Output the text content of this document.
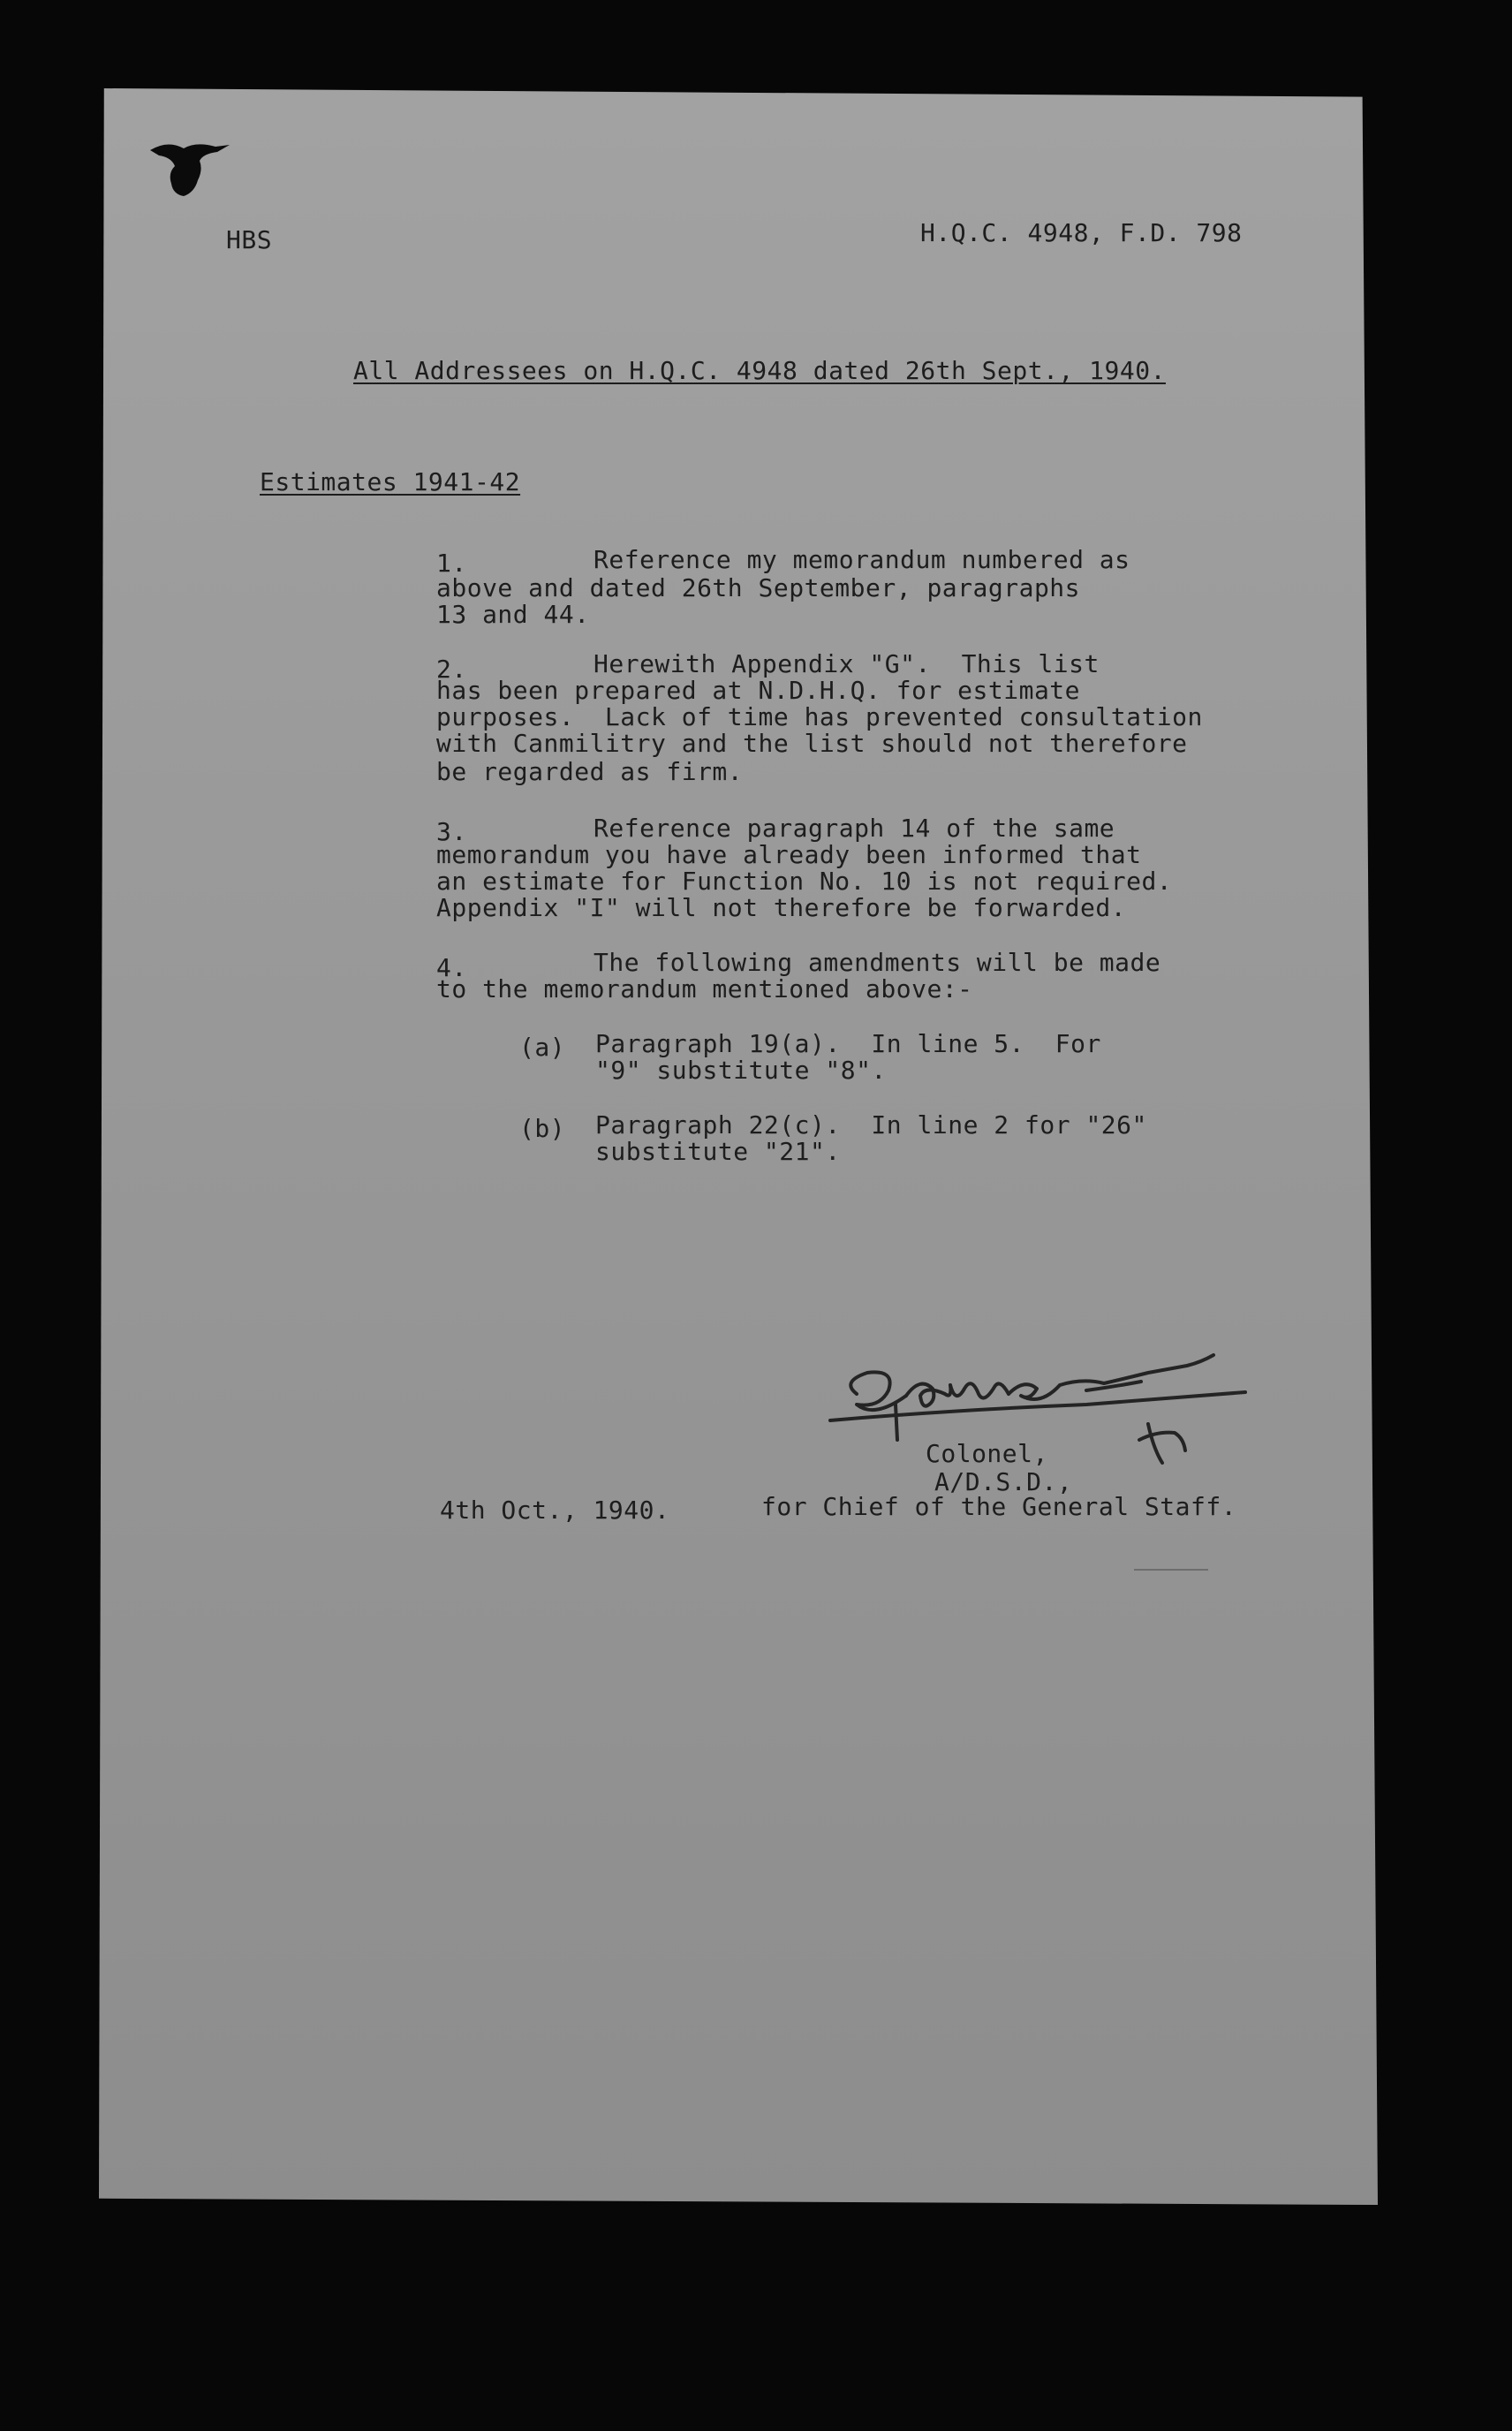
HBS	H.Q.C. 4948, F.D. 798
All Addressees on H.Q.C. 4948 dated 26th Sept., 1940.
Estimates 1941-42
1.	Reference my memorandum numbered as
above and dated 26th September, paragraphs
13 and 44.
2.	Herewith Appendix "G".  This list
has been prepared at N.D.H.Q. for estimate
purposes.  Lack of time has prevented consultation
with Canmilitry and the list should not therefore
be regarded as firm.
3.	Reference paragraph 14 of the same
memorandum you have already been informed that
an estimate for Function No. 10 is not required.
Appendix "I" will not therefore be forwarded.
4.	The following amendments will be made
to the memorandum mentioned above:-
(a) Paragraph 19(a).  In line 5.  For
"9" substitute "8".
(b) Paragraph 22(c).  In line 2 for "26"
substitute "21".
Colonel,
A/D.S.D.,
4th Oct., 1940.	for Chief of the General Staff.
